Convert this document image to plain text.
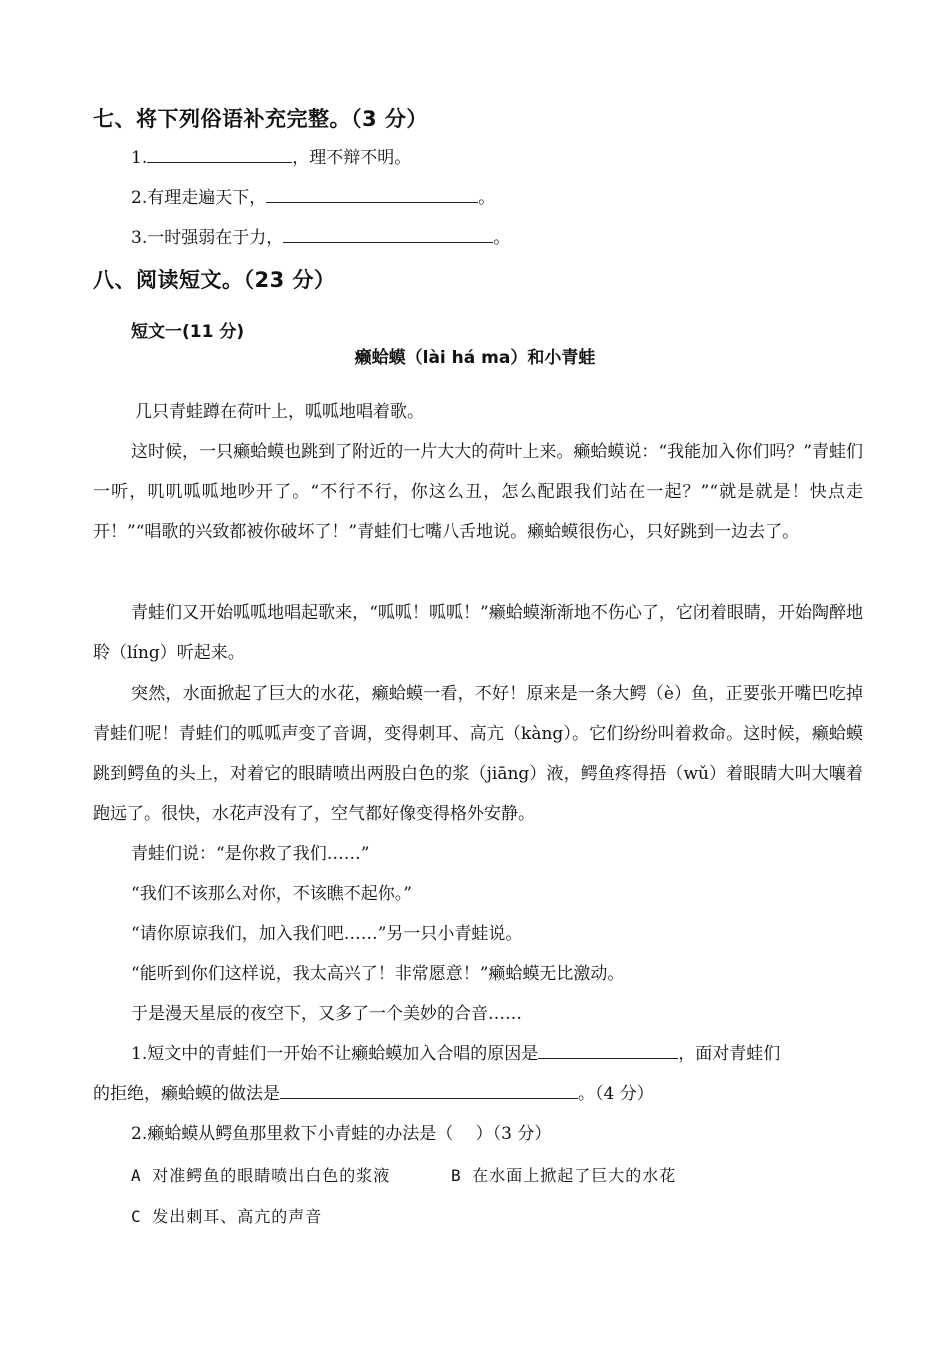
七、将下列俗语补充完整。（3 分）
1.	，理不辩不明。
2.有理走遍天下，	。
3.一时强弱在于力，	。
八、阅读短文。（23 分）
短文一(11 分)
癞蛤蟆（lài há ma）和小青蛙
几只青蛙蹲在荷叶上，呱呱地唱着歌。
这时候，一只癞蛤蟆也跳到了附近的一片大大的荷叶上来。癞蛤蟆说：“我能加入你们吗？”青蛙们一听，叽叽呱呱地吵开了。“不行不行，你这么丑，怎么配跟我们站在一起？”“就是就是！快点走开！”“唱歌的兴致都被你破坏了！”青蛙们七嘴八舌地说。癞蛤蟆很伤心，只好跳到一边去了。
青蛙们又开始呱呱地唱起歌来，“呱呱！呱呱！”癞蛤蟆渐渐地不伤心了，它闭着眼睛，开始陶醉地聆（líng）听起来。
突然，水面掀起了巨大的水花，癞蛤蟆一看，不好！原来是一条大鳄（è）鱼，正要张开嘴巴吃掉青蛙们呢！青蛙们的呱呱声变了音调，变得刺耳、高亢（kàng）。它们纷纷叫着救命。这时候，癞蛤蟆跳到鳄鱼的头上，对着它的眼睛喷出两股白色的浆（jiāng）液，鳄鱼疼得捂（wǔ）着眼睛大叫大嚷着跑远了。很快，水花声没有了，空气都好像变得格外安静。
青蛙们说：“是你救了我们……”
“我们不该那么对你，不该瞧不起你。”
“请你原谅我们，加入我们吧……”另一只小青蛙说。
“能听到你们这样说，我太高兴了！非常愿意！”癞蛤蟆无比激动。
于是漫天星辰的夜空下，又多了一个美妙的合音……
1.短文中的青蛙们一开始不让癞蛤蟆加入合唱的原因是	，面对青蛙们
的拒绝，癞蛤蟆的做法是	。（4 分）
2.癞蛤蟆从鳄鱼那里救下小青蛙的办法是（　 ）（3 分）
A 对准鳄鱼的眼睛喷出白色的浆液	B 在水面上掀起了巨大的水花
C 发出刺耳、高亢的声音
